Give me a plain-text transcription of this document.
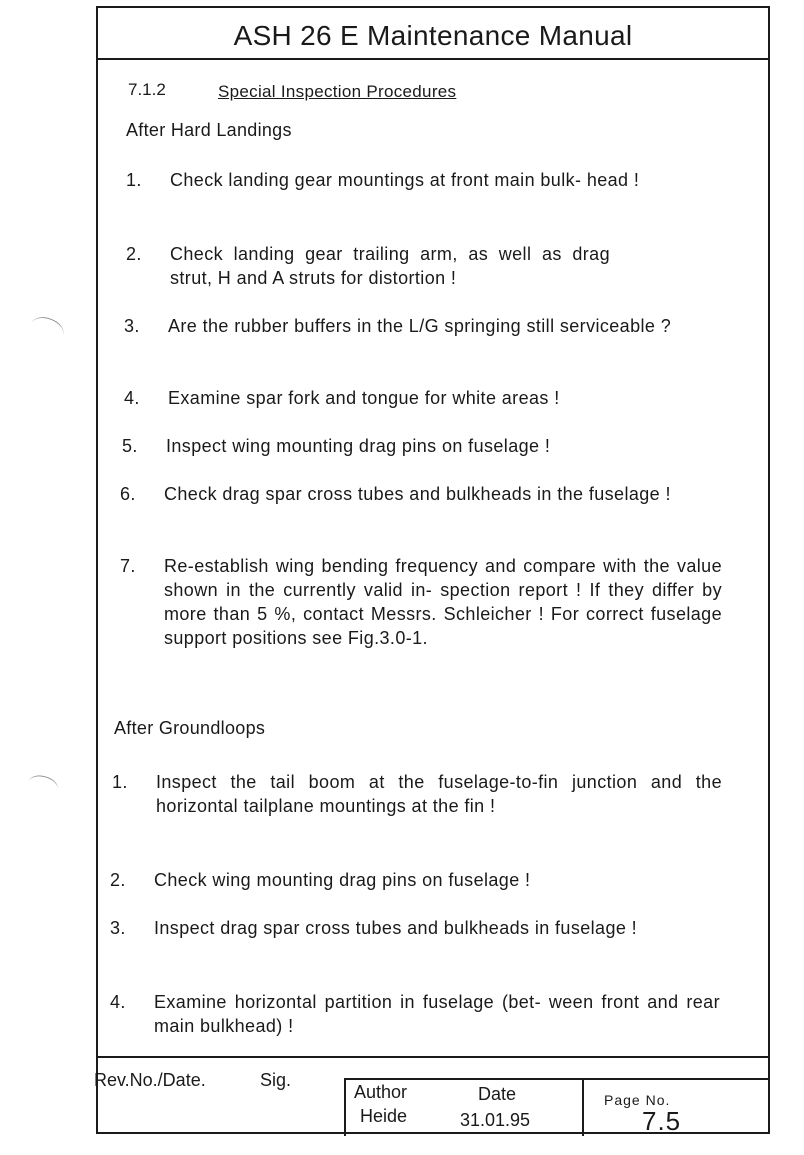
ASH 26 E Maintenance Manual
7.1.2	Special Inspection Procedures
After Hard Landings
1.	Check landing gear mountings at front main bulk- head !
2.	Check landing gear trailing arm, as well as drag strut, H and A struts for distortion !
3.	Are the rubber buffers in the L/G springing still serviceable ?
4.	Examine spar fork and tongue for white areas !
5.	Inspect wing mounting drag pins on fuselage !
6.	Check drag spar cross tubes and bulkheads in the fuselage !
7.	Re-establish wing bending frequency and compare with the value shown in the currently valid in- spection report ! If they differ by more than 5 %, contact Messrs. Schleicher ! For correct fuselage support positions see Fig.3.0-1.
After Groundloops
1.	Inspect the tail boom at the fuselage-to-fin junction and the horizontal tailplane mountings at the fin !
2.	Check wing mounting drag pins on fuselage !
3.	Inspect drag spar cross tubes and bulkheads in fuselage !
4.	Examine horizontal partition in fuselage (bet- ween front and rear main bulkhead) !
Rev.No./Date.	Sig.
Author
Heide
Date
31.01.95
Page No.
7.5
